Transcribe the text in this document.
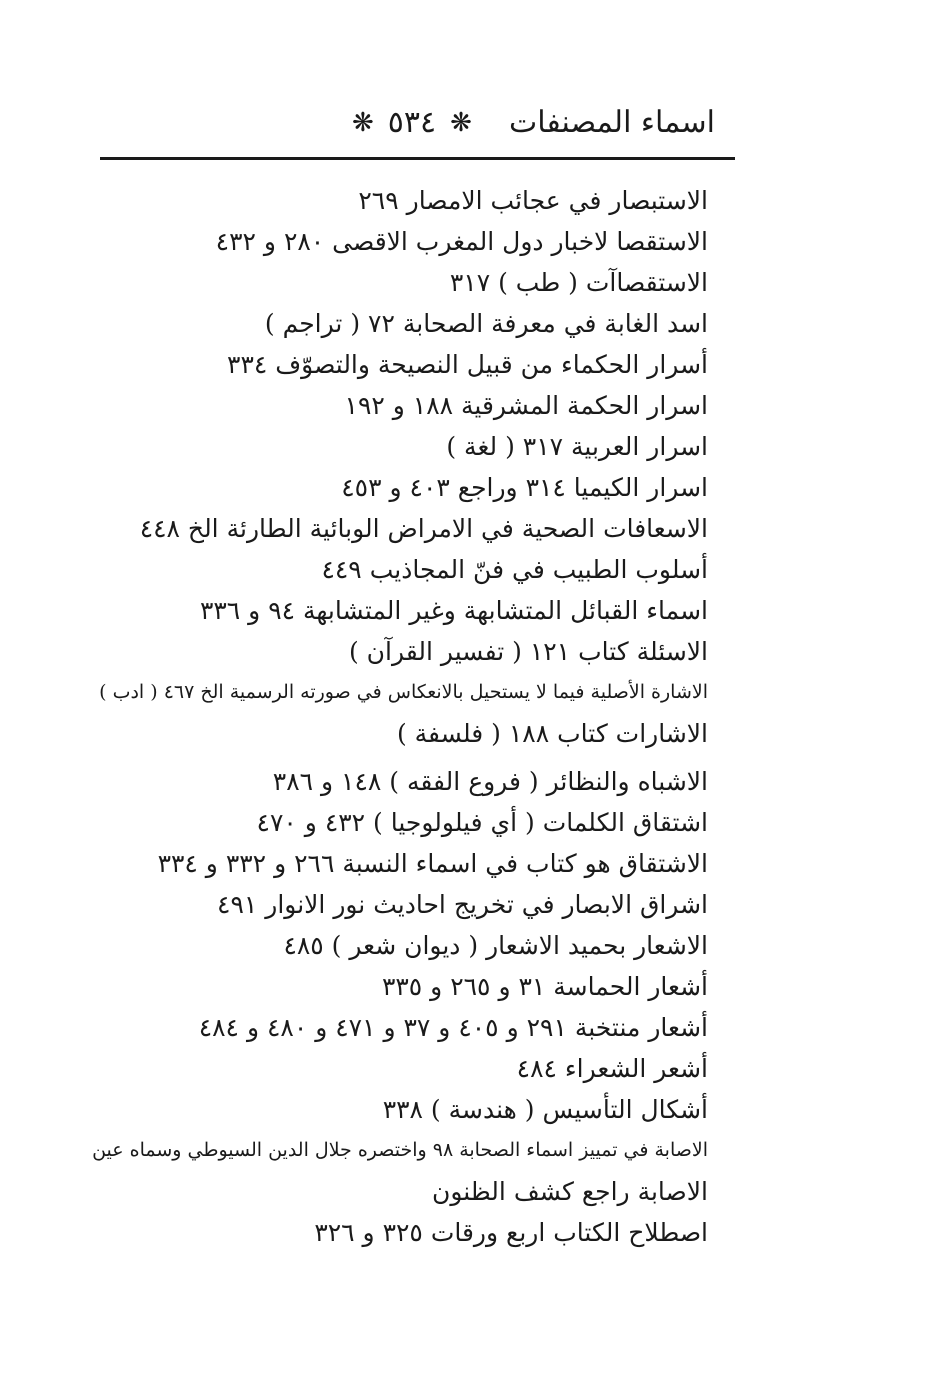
اسماء المصنفات
❋ ٥٣٤ ❋
الاستبصار في عجائب الامصار ٢٦٩
الاستقصا لاخبار دول المغرب الاقصى ٢٨٠ و ٤٣٢
الاستقصاآت ( طب ) ٣١٧
اسد الغابة في معرفة الصحابة ٧٢ ( تراجم )
أسرار الحكماء من قبيل النصيحة والتصوّف ٣٣٤
اسرار الحكمة المشرقية ١٨٨ و ١٩٢
اسرار العربية ٣١٧ ( لغة )
اسرار الكيميا ٣١٤ وراجع ٤٠٣ و ٤٥٣
الاسعافات الصحية في الامراض الوبائية الطارئة الخ ٤٤٨
أسلوب الطبيب في فنّ المجاذيب ٤٤٩
اسماء القبائل المتشابهة وغير المتشابهة ٩٤ و ٣٣٦
الاسئلة كتاب ١٢١ ( تفسير القرآن )
الاشارة الأصلية فيما لا يستحيل بالانعكاس في صورته الرسمية الخ ٤٦٧ ( ادب )
الاشارات كتاب ١٨٨ ( فلسفة )
الاشباه والنظائر ( فروع الفقه ) ١٤٨ و ٣٨٦
اشتقاق الكلمات ( أي فيلولوجيا ) ٤٣٢ و ٤٧٠
الاشتقاق هو كتاب في اسماء النسبة ٢٦٦ و ٣٣٢ و ٣٣٤
اشراق الابصار في تخريج احاديث نور الانوار ٤٩١
الاشعار بحميد الاشعار ( ديوان شعر ) ٤٨٥
أشعار الحماسة ٣١ و ٢٦٥ و ٣٣٥
أشعار منتخبة ٢٩١ و ٤٠٥ و ٣٧ و ٤٧١ و ٤٨٠ و ٤٨٤
أشعر الشعراء ٤٨٤
أشكال التأسيس ( هندسة ) ٣٣٨
الاصابة في تمييز اسماء الصحابة ٩٨ واختصره جلال الدين السيوطي وسماه عين
الاصابة راجع كشف الظنون
اصطلاح الكتاب اربع ورقات ٣٢٥ و ٣٢٦
